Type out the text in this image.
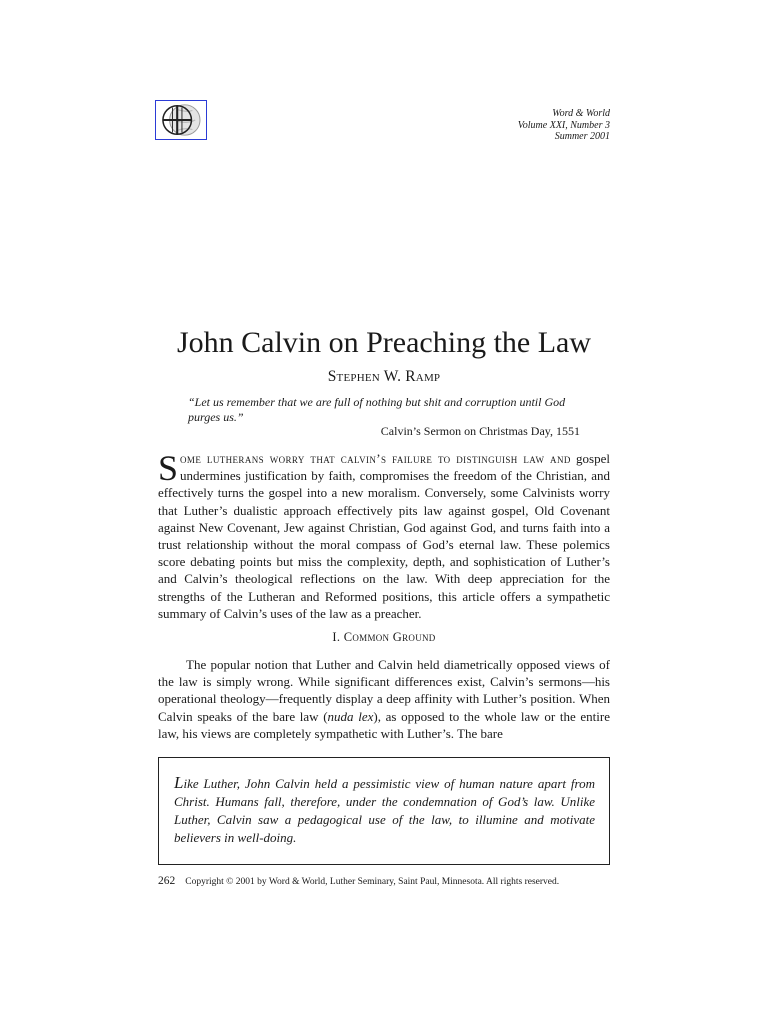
Word & World
Volume XXI, Number 3
Summer 2001
John Calvin on Preaching the Law
Stephen W. Ramp
“Let us remember that we are full of nothing but shit and corruption until God purges us.”
Calvin’s Sermon on Christmas Day, 1551
Some lutherans worry that calvin’s failure to distinguish law and gospel undermines justification by faith, compromises the freedom of the Christian, and effectively turns the gospel into a new moralism. Conversely, some Calvinists worry that Luther’s dualistic approach effectively pits law against gospel, Old Covenant against New Covenant, Jew against Christian, God against God, and turns faith into a trust relationship without the moral compass of God’s eternal law. These polemics score debating points but miss the complexity, depth, and sophistication of Luther’s and Calvin’s theological reflections on the law. With deep appreciation for the strengths of the Lutheran and Reformed positions, this article offers a sympathetic summary of Calvin’s uses of the law as a preacher.
I. Common Ground
The popular notion that Luther and Calvin held diametrically opposed views of the law is simply wrong. While significant differences exist, Calvin’s sermons—his operational theology—frequently display a deep affinity with Luther’s position. When Calvin speaks of the bare law (nuda lex), as opposed to the whole law or the entire law, his views are completely sympathetic with Luther’s. The bare
Like Luther, John Calvin held a pessimistic view of human nature apart from Christ. Humans fall, therefore, under the condemnation of God’s law. Unlike Luther, Calvin saw a pedagogical use of the law, to illumine and motivate believers in well-doing.
262 Copyright © 2001 by Word & World, Luther Seminary, Saint Paul, Minnesota. All rights reserved.
